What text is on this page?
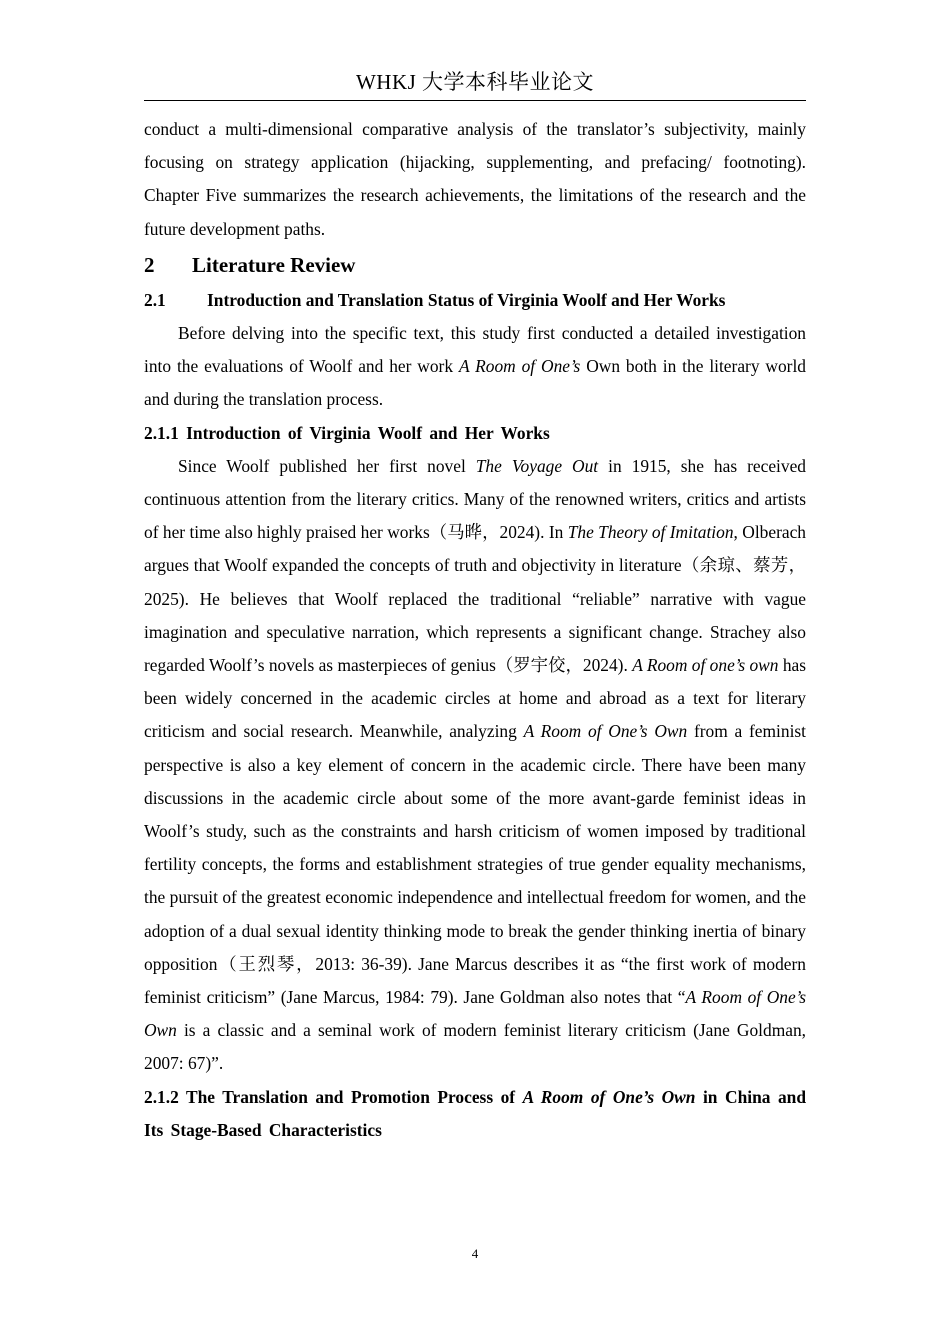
WHKJ 大学本科毕业论文

conduct a multi-dimensional comparative analysis of the translator’s subjectivity, mainly focusing on strategy application (hijacking, supplementing, and prefacing/ footnoting). Chapter Five summarizes the research achievements, the limitations of the research and the future development paths.

2 Literature Review
2.1 Introduction and Translation Status of Virginia Woolf and Her Works

Before delving into the specific text, this study first conducted a detailed investigation into the evaluations of Woolf and her work A Room of One’s Own both in the literary world and during the translation process.

2.1.1 Introduction of Virginia Woolf and Her Works

Since Woolf published her first novel The Voyage Out in 1915, she has received continuous attention from the literary critics. Many of the renowned writers, critics and artists of her time also highly praised her works（马晔，2024). In The Theory of Imitation, Olberach argues that Woolf expanded the concepts of truth and objectivity in literature（余琼、蔡芳，2025). He believes that Woolf replaced the traditional “reliable” narrative with vague imagination and speculative narration, which represents a significant change. Strachey also regarded Woolf’s novels as masterpieces of genius（罗宇佼，2024). A Room of one’s own has been widely concerned in the academic circles at home and abroad as a text for literary criticism and social research. Meanwhile, analyzing A Room of One’s Own from a feminist perspective is also a key element of concern in the academic circle. There have been many discussions in the academic circle about some of the more avant-garde feminist ideas in Woolf’s study, such as the constraints and harsh criticism of women imposed by traditional fertility concepts, the forms and establishment strategies of true gender equality mechanisms, the pursuit of the greatest economic independence and intellectual freedom for women, and the adoption of a dual sexual identity thinking mode to break the gender thinking inertia of binary opposition（王烈琴，2013: 36-39). Jane Marcus describes it as “the first work of modern feminist criticism” (Jane Marcus, 1984: 79). Jane Goldman also notes that “A Room of One’s Own is a classic and a seminal work of modern feminist literary criticism (Jane Goldman, 2007: 67)”.

2.1.2 The Translation and Promotion Process of A Room of One’s Own in China and Its Stage-Based Characteristics
4
